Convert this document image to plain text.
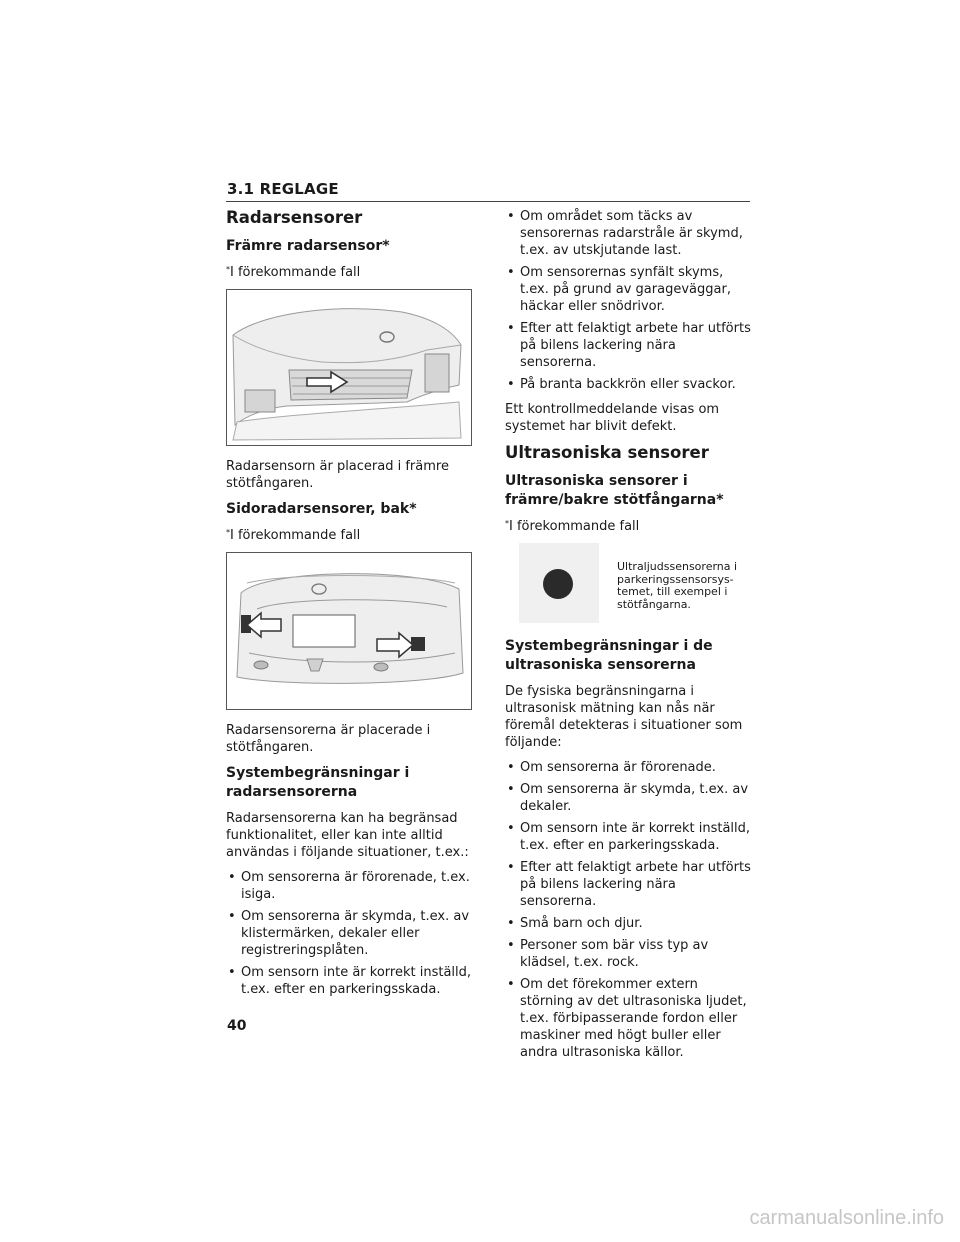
3.1 REGLAGE
Radarsensorer
Främre radarsensor*
*I förekommande fall

Radarsensorn är placerad i främre stötfångaren.

Sidoradarsensorer, bak*
*I förekommande fall

Radarsensorerna är placerade i stötfångaren.

Systembegränsningar i radarsensorerna

Radarsensorerna kan ha begränsad funktionalitet, eller kan inte alltid användas i följande situationer, t.ex.:

• Om sensorerna är förorenade, t.ex. isiga.
• Om sensorerna är skymda, t.ex. av klistermärken, dekaler eller registreringsplåten.
• Om sensorn inte är korrekt inställd, t.ex. efter en parkeringsskada.
• Om området som täcks av sensorernas radarstråle är skymd, t.ex. av utskjutande last.
• Om sensorernas synfält skyms, t.ex. på grund av garageväggar, häckar eller snödrivor.
• Efter att felaktigt arbete har utförts på bilens lackering nära sensorerna.
• På branta backkrön eller svackor.

Ett kontrollmeddelande visas om systemet har blivit defekt.

Ultrasoniska sensorer
Ultrasoniska sensorer i främre/bakre stötfångarna*
*I förekommande fall
Ultraljudssensorerna i parkeringssensorsys-temet, till exempel i stötfångarna.
Systembegränsningar i de ultrasoniska sensorerna

De fysiska begränsningarna i ultrasonisk mätning kan nås när föremål detekteras i situationer som följande:

• Om sensorerna är förorenade.
• Om sensorerna är skymda, t.ex. av dekaler.
• Om sensorn inte är korrekt inställd, t.ex. efter en parkeringsskada.
• Efter att felaktigt arbete har utförts på bilens lackering nära sensorerna.
• Små barn och djur.
• Personer som bär viss typ av klädsel, t.ex. rock.
• Om det förekommer extern störning av det ultrasoniska ljudet, t.ex. förbipasserande fordon eller maskiner med högt buller eller andra ultrasoniska källor.
40
carmanualsonline.info
